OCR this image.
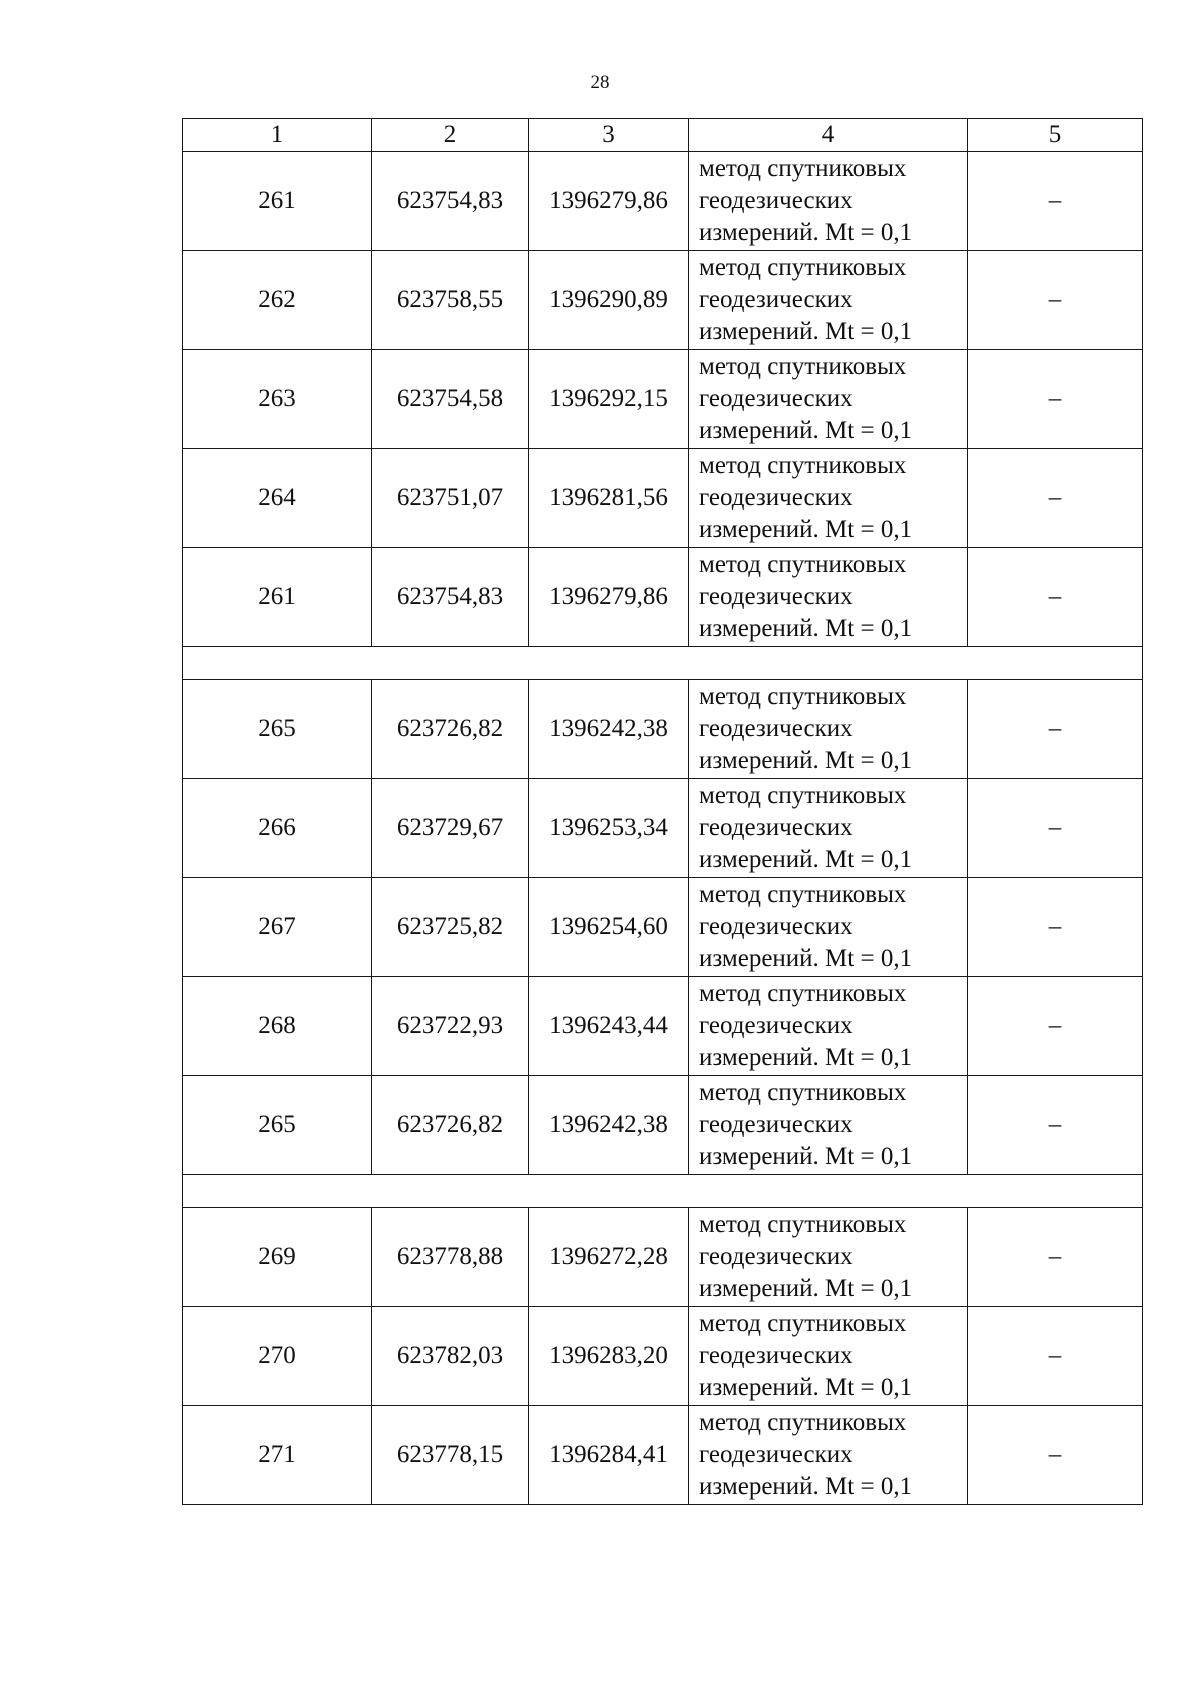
28
1	2	3	4	5
261	623754,83	1396279,86	метод спутниковых
геодезических
измерений. Mt = 0,1	–
262	623758,55	1396290,89	метод спутниковых
геодезических
измерений. Mt = 0,1	–
263	623754,58	1396292,15	метод спутниковых
геодезических
измерений. Mt = 0,1	–
264	623751,07	1396281,56	метод спутниковых
геодезических
измерений. Mt = 0,1	–
261	623754,83	1396279,86	метод спутниковых
геодезических
измерений. Mt = 0,1	–

265	623726,82	1396242,38	метод спутниковых
геодезических
измерений. Mt = 0,1	–
266	623729,67	1396253,34	метод спутниковых
геодезических
измерений. Mt = 0,1	–
267	623725,82	1396254,60	метод спутниковых
геодезических
измерений. Mt = 0,1	–
268	623722,93	1396243,44	метод спутниковых
геодезических
измерений. Mt = 0,1	–
265	623726,82	1396242,38	метод спутниковых
геодезических
измерений. Mt = 0,1	–

269	623778,88	1396272,28	метод спутниковых
геодезических
измерений. Mt = 0,1	–
270	623782,03	1396283,20	метод спутниковых
геодезических
измерений. Mt = 0,1	–
271	623778,15	1396284,41	метод спутниковых
геодезических
измерений. Mt = 0,1	–
